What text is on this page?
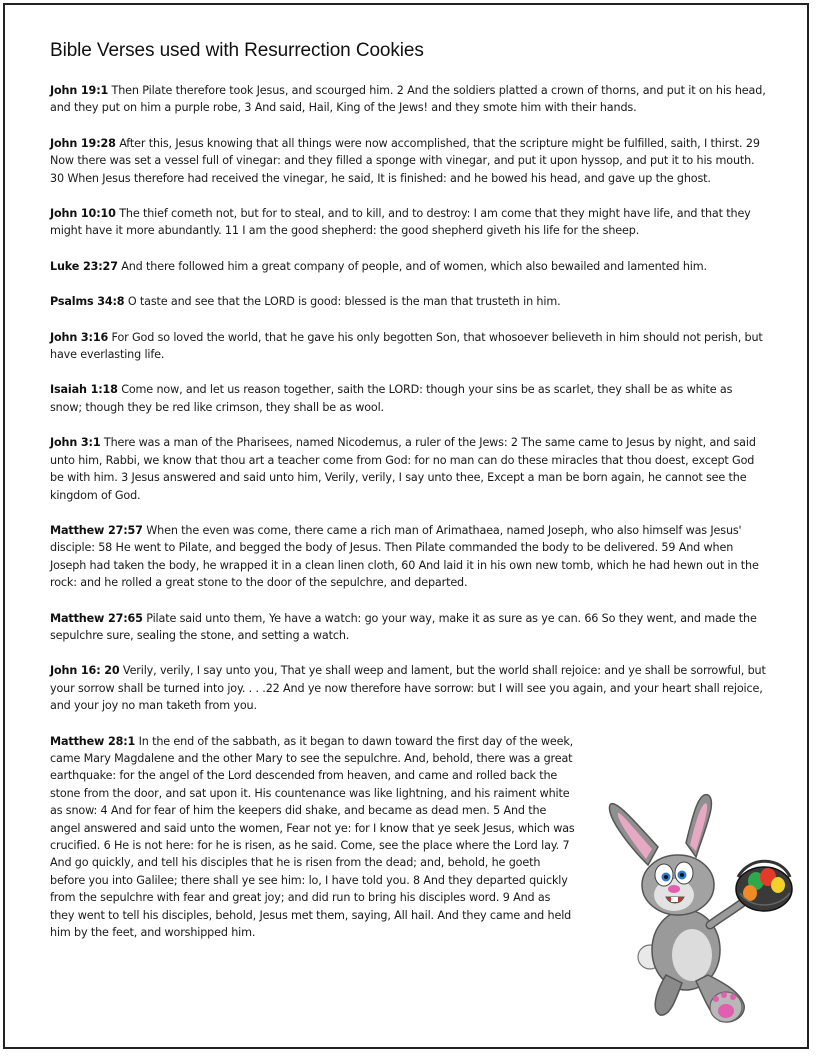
Bible Verses used with Resurrection Cookies

John 19:1 Then Pilate therefore took Jesus, and scourged him. 2 And the soldiers platted a crown of thorns, and put it on his head, and they put on him a purple robe, 3 And said, Hail, King of the Jews! and they smote him with their hands.

John 19:28 After this, Jesus knowing that all things were now accomplished, that the scripture might be fulfilled, saith, I thirst. 29 Now there was set a vessel full of vinegar: and they filled a sponge with vinegar, and put it upon hyssop, and put it to his mouth. 30 When Jesus therefore had received the vinegar, he said, It is finished: and he bowed his head, and gave up the ghost.

John 10:10 The thief cometh not, but for to steal, and to kill, and to destroy: I am come that they might have life, and that they might have it more abundantly. 11 I am the good shepherd: the good shepherd giveth his life for the sheep.

Luke 23:27 And there followed him a great company of people, and of women, which also bewailed and lamented him.

Psalms 34:8 O taste and see that the LORD is good: blessed is the man that trusteth in him.

John 3:16 For God so loved the world, that he gave his only begotten Son, that whosoever believeth in him should not perish, but have everlasting life.

Isaiah 1:18 Come now, and let us reason together, saith the LORD: though your sins be as scarlet, they shall be as white as snow; though they be red like crimson, they shall be as wool.

John 3:1 There was a man of the Pharisees, named Nicodemus, a ruler of the Jews: 2 The same came to Jesus by night, and said unto him, Rabbi, we know that thou art a teacher come from God: for no man can do these miracles that thou doest, except God be with him. 3 Jesus answered and said unto him, Verily, verily, I say unto thee, Except a man be born again, he cannot see the kingdom of God.

Matthew 27:57 When the even was come, there came a rich man of Arimathaea, named Joseph, who also himself was Jesus' disciple: 58 He went to Pilate, and begged the body of Jesus. Then Pilate commanded the body to be delivered. 59 And when Joseph had taken the body, he wrapped it in a clean linen cloth, 60 And laid it in his own new tomb, which he had hewn out in the rock: and he rolled a great stone to the door of the sepulchre, and departed.

Matthew 27:65 Pilate said unto them, Ye have a watch: go your way, make it as sure as ye can. 66 So they went, and made the sepulchre sure, sealing the stone, and setting a watch.

John 16: 20 Verily, verily, I say unto you, That ye shall weep and lament, but the world shall rejoice: and ye shall be sorrowful, but your sorrow shall be turned into joy. . . .22 And ye now therefore have sorrow: but I will see you again, and your heart shall rejoice, and your joy no man taketh from you.

Matthew 28:1 In the end of the sabbath, as it began to dawn toward the first day of the week, came Mary Magdalene and the other Mary to see the sepulchre. And, behold, there was a great earthquake: for the angel of the Lord descended from heaven, and came and rolled back the stone from the door, and sat upon it. His countenance was like lightning, and his raiment white as snow: 4 And for fear of him the keepers did shake, and became as dead men. 5 And the angel answered and said unto the women, Fear not ye: for I know that ye seek Jesus, which was crucified. 6 He is not here: for he is risen, as he said. Come, see the place where the Lord lay. 7 And go quickly, and tell his disciples that he is risen from the dead; and, behold, he goeth before you into Galilee; there shall ye see him: lo, I have told you. 8 And they departed quickly from the sepulchre with fear and great joy; and did run to bring his disciples word. 9 And as they went to tell his disciples, behold, Jesus met them, saying, All hail. And they came and held him by the feet, and worshipped him.
